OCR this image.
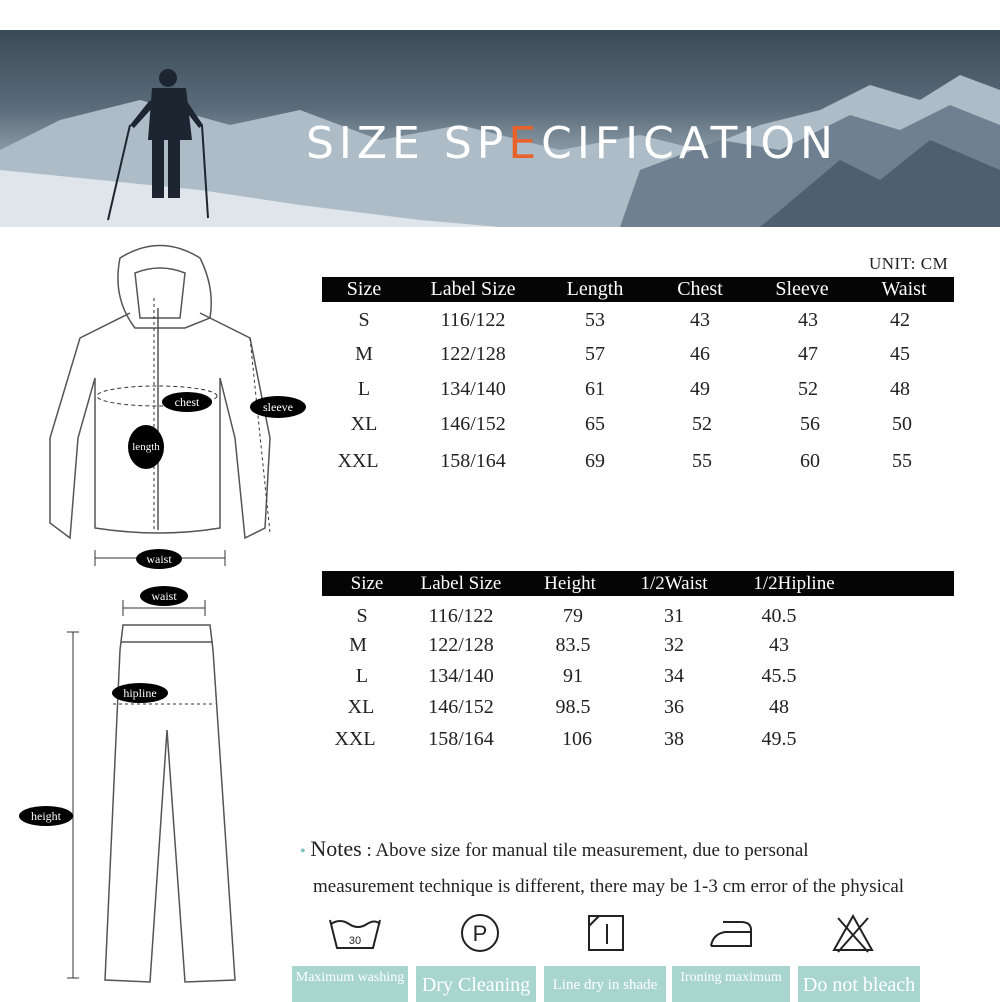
SIZE SPECIFICATION
chest	sleeve
length
waist
waist
hipline
height
UNIT: CM
Size	Label Size	Length	Chest	Sleeve	Waist
S	116/122	53	43	43	42
M	122/128	57	46	47	45
L	134/140	61	49	52	48
XL	146/152	65	52	56	50
XXL	158/164	69	55	60	55
Size	Label Size	Height	1/2Waist	1/2Hipline
S	116/122	79	31	40.5
M	122/128	83.5	32	43
L	134/140	91	34	45.5
XL	146/152	98.5	36	48
XXL	158/164	106	38	49.5
• Notes : Above size for manual tile measurement, due to personal
measurement technique is different, there may be 1-3 cm error of the physical
30	P
Maximum washing Dry Cleaning	Line dry in shade	Ironing maximum	Do not bleach
